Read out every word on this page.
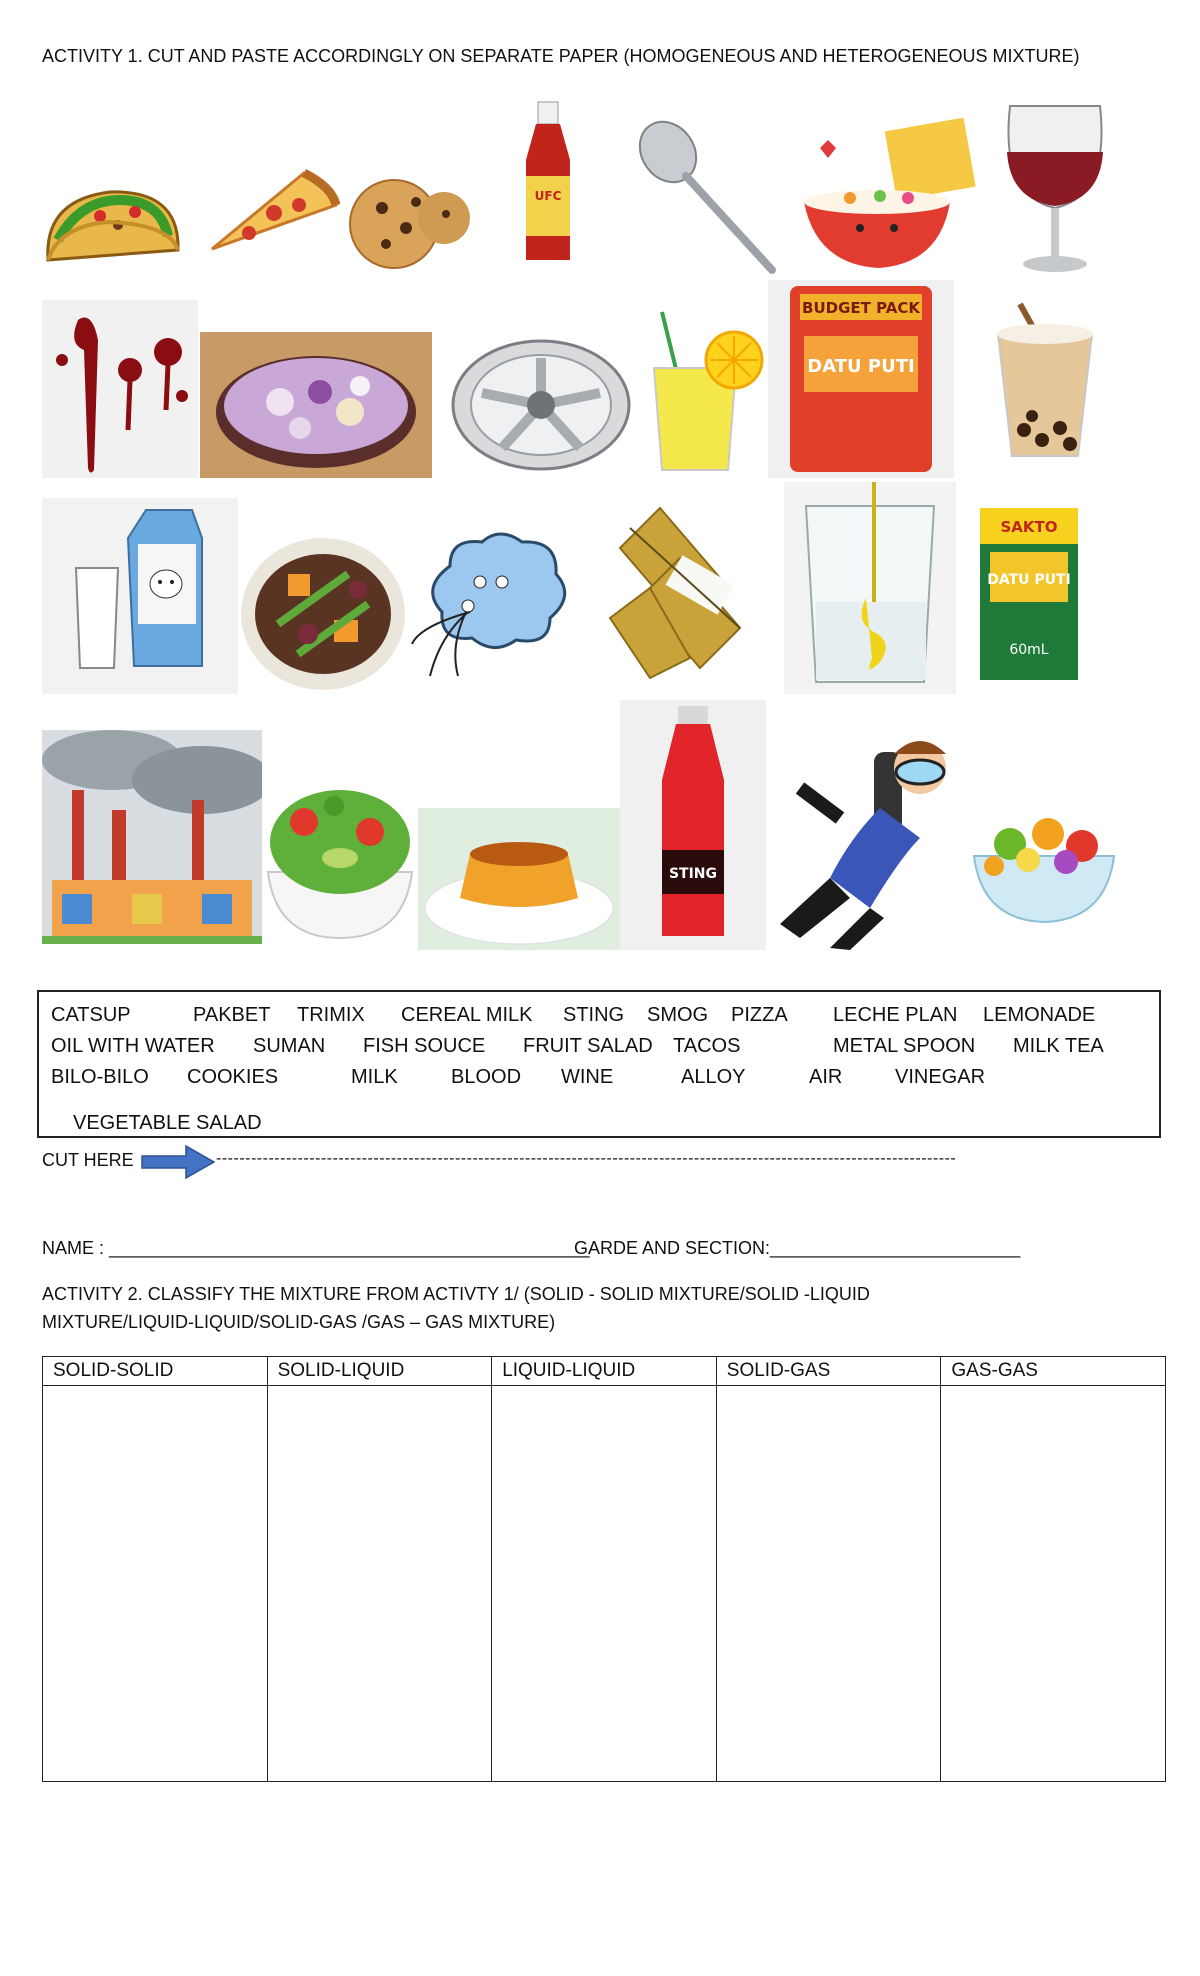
ACTIVITY 1. CUT AND PASTE ACCORDINGLY ON SEPARATE PAPER (HOMOGENEOUS AND HETEROGENEOUS MIXTURE)
UFC
BUDGET PACK
DATU PUTI
SAKTO
DATU PUTI
60mL
STING
CATSUP	PAKBET TRIMIX CEREAL MILK STING SMOG PIZZA LECHE PLAN LEMONADE
OIL WITH WATER SUMAN FISH SOUCE FRUIT SALAD TACOS	METAL SPOON MILK TEA
BILO-BILO COOKIES	MILK	BLOOD WINE	ALLOY	AIR	VINEGAR
VEGETABLE SALAD
CUT HERE	-------------------------------------------------------------------------------------------------------------------------------
NAME : ________________________________________________
GARDE AND SECTION:_________________________
ACTIVITY 2. CLASSIFY THE MIXTURE FROM ACTIVTY 1/ (SOLID - SOLID MIXTURE/SOLID -LIQUID
MIXTURE/LIQUID-LIQUID/SOLID-GAS /GAS – GAS MIXTURE)
SOLID-SOLID	SOLID-LIQUID	LIQUID-LIQUID	SOLID-GAS	GAS-GAS
